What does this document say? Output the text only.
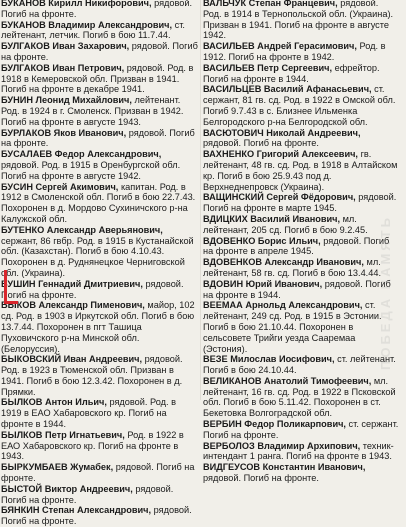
БУКАНОВ Кирилл Никифорович, рядовой. Погиб на фронте.

БУКАНОВ Владимир Александрович, ст. лейтенант, летчик. Погиб в бою 11.7.44.

БУЛГАКОВ Иван Захарович, рядовой. Погиб на фронте.

БУЛГАКОВ Иван Петрович, рядовой. Род. в 1918 в Кемеровской обл. Призван в 1941. Погиб на фронте в декабре 1941.

БУНИН Леонид Михайлович, лейтенант. Род. в 1924 в г. Смоленск. Призван в 1942. Погиб на фронте в августе 1943.

БУРЛАКОВ Яков Иванович, рядовой. Погиб на фронте.

БУСАЛАЕВ Федор Александрович, рядовой. Род. в 1915 в Оренбургской обл. Погиб на фронте в августе 1942.

БУСИН Сергей Акимович, капитан. Род. в 1912 в Смоленской обл. Погиб в бою 22.7.43. Похоронен в д. Мордово Сухиничского р-на Калужской обл.

БУТЕНКО Александр Аверьянович, сержант, 86 гвбр. Род. в 1915 в Кустанайской обл. (Казахстан). Погиб в бою 4.10.43. Похоронен в д. Руднянецкое Черниговской обл. (Украина).

БУШИН Геннадий Дмитриевич, рядовой. Погиб на фронте.

БЫКОВ Александр Пименович, майор, 102 сд. Род. в 1903 в Иркутской обл. Погиб в бою 13.7.44. Похоронен в пгт Ташица Пуховичского р-на Минской обл. (Белоруссия).

БЫКОВСКИЙ Иван Андреевич, рядовой. Род. в 1923 в Тюменской обл. Призван в 1941. Погиб в бою 12.3.42. Похоронен в д. Прямки.

БЫЛКОВ Антон Ильич, рядовой. Род. в 1919 в ЕАО Хабаровского кр. Погиб на фронте в 1944.

БЫЛКОВ Петр Игнатьевич, Род. в 1922 в ЕАО Хабаровского кр. Погиб на фронте в 1943.

БЫРКУМБАЕВ Жумабек, рядовой. Погиб на фронте.

БЫСТОЙ Виктор Андреевич, рядовой. Погиб на фронте.

БЯНКИН Степан Александрович, рядовой. Погиб на фронте.

ВАЛЬЧУК Степан Францевич, рядовой. Род. в 1914 в Тернопольской обл. (Украина). Призван в 1941. Погиб на фронте в августе 1942.

ВАСИЛЬЕВ Андрей Герасимович, Род. в 1912. Погиб на фронте в 1942.

ВАСИЛЬЕВ Петр Сергеевич, ефрейтор. Погиб на фронте в 1944.

ВАСИЛЬЦЕВ Василий Афанасьевич, ст. сержант, 81 гв. сд. Род. в 1922 в Омской обл. Погиб 9.7.43 в с. Близнее Ильменка Белгородского р-на Белгородской обл.

ВАСЮТОВИЧ Николай Андреевич, рядовой. Погиб на фронте.

ВАХНЕНКО Григорий Алексеевич, гв. лейтенант, 48 гв. сд. Род. в 1918 в Алтайском кр. Погиб в бою 25.9.43 под д. Верхнеднепровск (Украина).

ВАЩИНСКИЙ Сергей Фёдорович, рядовой. Погиб на фронте в марте 1945.

ВДИЦКИХ Василий Иванович, мл. лейтенант, 205 сд. Погиб в бою 9.2.45.

ВДОВЕНКО Борис Ильич, рядовой. Погиб на фронте в апреле 1945.

ВДОВЕНКОВ Александр Иванович, мл. лейтенант, 58 гв. сд. Погиб в бою 13.4.44.

ВДОВИН Юрий Иванович, рядовой. Погиб на фронте в 1944.

ВЕЕМАА Арнольд Александрович, ст. лейтенант, 249 сд. Род. в 1915 в Эстонии. Погиб в бою 21.10.44. Похоронен в сельсовете Трийги уезда Сааремаа (Эстония).

ВЕЗЕ Милослав Иосифович, ст. лейтенант. Погиб в бою 24.10.44.

ВЕЛИКАНОВ Анатолий Тимофеевич, мл. лейтенант, 16 гв. сд. Род. в 1922 в Псковской обл. Погиб в бою 5.11.42. Похоронен в ст. Бекетовка Волгоградской обл.

ВЕРБИН Федор Поликарпович, ст. сержант. Погиб на фронте.

ВЕРБОЛОЗ Владимир Архипович, техник-интендант 1 ранга. Погиб на фронте в 1943.

ВИДГЕУСОВ Константин Иванович, рядовой. Погиб на фронте.

ПОБЕДА ПАМЯТЬ
